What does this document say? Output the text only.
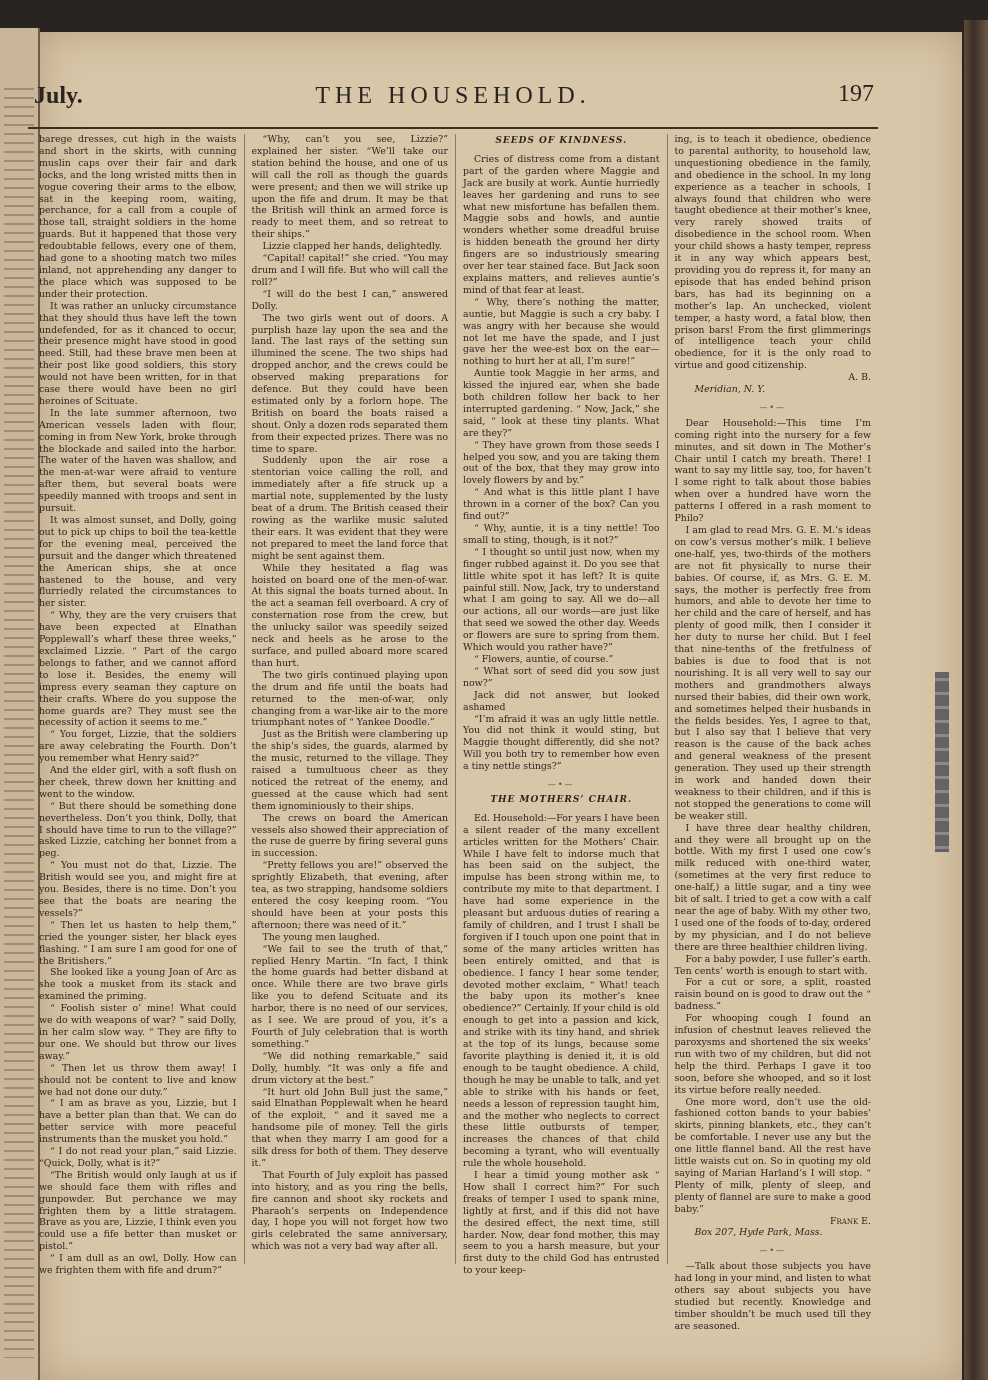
July.	THE HOUSEHOLD.	197

barege dresses, cut high in the waists and short in the skirts, with cunning muslin caps over their fair and dark locks, and the long wristed mitts then in vogue covering their arms to the elbow, sat in the keeping room, waiting, perchance, for a call from a couple of those tall, straight soldiers in the home guards. But it happened that those very redoubtable fellows, every one of them, had gone to a shooting match two miles inland, not apprehending any danger to the place which was supposed to be under their protection.

It was rather an unlucky circumstance that they should thus have left the town undefended, for as it chanced to occur, their presence might have stood in good need. Still, had these brave men been at their post like good soldiers, this story would not have been written, for in that case there would have been no girl heroines of Scituate.

In the late summer afternoon, two American vessels laden with flour, coming in from New York, broke through the blockade and sailed into the harbor. The water of the haven was shallow, and the men-at-war were afraid to venture after them, but several boats were speedily manned with troops and sent in pursuit.

It was almost sunset, and Dolly, going out to pick up chips to boil the tea-kettle for the evening meal, perceived the pursuit and the danger which threatened the American ships, she at once hastened to the house, and very flurriedly related the circumstances to her sister.

“ Why, they are the very cruisers that have been expected at Elnathan Popplewall’s wharf these three weeks,” exclaimed Lizzie. “ Part of the cargo belongs to father, and we cannot afford to lose it. Besides, the enemy will impress every seaman they capture on their crafts. Where do you suppose the home guards are? They must see the necessity of action it seems to me.”

“ You forget, Lizzie, that the soldiers are away celebrating the Fourth. Don’t you remember what Henry said?”

And the elder girl, with a soft flush on her cheek, threw down her knitting and went to the window.

“ But there should be something done nevertheless. Don’t you think, Dolly, that I should have time to run to the village?” asked Lizzie, catching her bonnet from a peg.

“ You must not do that, Lizzie. The British would see you, and might fire at you. Besides, there is no time. Don’t you see that the boats are nearing the vessels?”

“ Then let us hasten to help them,” cried the younger sister, her black eyes flashing. “ I am sure I am good for one of the Britishers.”

She looked like a young Joan of Arc as she took a musket from its stack and examined the priming.

“ Foolish sister o’ mine! What could we do with weapons of war? ” said Dolly, in her calm slow way. “ They are fifty to our one. We should but throw our lives away.”

“ Then let us throw them away! I should not be content to live and know we had not done our duty.”

“ I am as brave as you, Lizzie, but I have a better plan than that. We can do better service with more peaceful instruments than the musket you hold.”

“ I do not read your plan,” said Lizzie. “Quick, Dolly, what is it?”

“The British would only laugh at us if we should face them with rifles and gunpowder. But perchance we may frighten them by a little stratagem. Brave as you are, Lizzie, I think even you could use a fife better than musket or pistol.”

“ I am dull as an owl, Dolly. How can we frighten them with fife and drum?”

“Why, can’t you see, Lizzie?” explained her sister. “We’ll take our station behind the house, and one of us will call the roll as though the guards were present; and then we will strike up upon the fife and drum. It may be that the British will think an armed force is ready to meet them, and so retreat to their ships.”

Lizzie clapped her hands, delightedly.

“Capital! capital!” she cried. “You may drum and I will fife. But who will call the roll?”

“I will do the best I can,” answered Dolly.

The two girls went out of doors. A purplish haze lay upon the sea and the land. The last rays of the setting sun illumined the scene. The two ships had dropped anchor, and the crews could be observed making preparations for defence. But they could have been estimated only by a forlorn hope. The British on board the boats raised a shout. Only a dozen rods separated them from their expected prizes. There was no time to spare.

Suddenly upon the air rose a stentorian voice calling the roll, and immediately after a fife struck up a martial note, supplemented by the lusty beat of a drum. The British ceased their rowing as the warlike music saluted their ears. It was evident that they were not prepared to meet the land force that might be sent against them.

While they hesitated a flag was hoisted on board one of the men-of-war. At this signal the boats turned about. In the act a seaman fell overboard. A cry of consternation rose from the crew, but the unlucky sailor was speedily seized neck and heels as he arose to the surface, and pulled aboard more scared than hurt.

The two girls continued playing upon the drum and fife until the boats had returned to the men-of-war, only changing from a war-like air to the more triumphant notes of “ Yankee Doodle.”

Just as the British were clambering up the ship’s sides, the guards, alarmed by the music, returned to the village. They raised a tumultuous cheer as they noticed the retreat of the enemy, and guessed at the cause which had sent them ignominiously to their ships.

The crews on board the American vessels also showed their appreciation of the ruse de guerre by firing several guns in succession.

“Pretty fellows you are!” observed the sprightly Elizabeth, that evening, after tea, as two strapping, handsome soldiers entered the cosy keeping room. “You should have been at your posts this afternoon; there was need of it.”

The young men laughed.

“We fail to see the truth of that,” replied Henry Martin. “In fact, I think the home guards had better disband at once. While there are two brave girls like you to defend Scituate and its harbor, there is no need of our services, as I see. We are proud of you, it’s a Fourth of July celebration that is worth something.”

“We did nothing remarkable,” said Dolly, humbly. “It was only a fife and drum victory at the best.”

“It hurt old John Bull just the same,” said Elnathan Popplewalt when he heard of the exploit, “ and it saved me a handsome pile of money. Tell the girls that when they marry I am good for a silk dress for both of them. They deserve it.”

That Fourth of July exploit has passed into history, and as you ring the bells, fire cannon and shoot sky rockets and Pharaoh’s serpents on Independence day, I hope you will not forget how two girls celebrated the same anniversary, which was not a very bad way after all.

SEEDS OF KINDNESS.

Cries of distress come from a distant part of the garden where Maggie and Jack are busily at work. Auntie hurriedly leaves her gardening and runs to see what new misfortune has befallen them. Maggie sobs and howls, and auntie wonders whether some dreadful bruise is hidden beneath the ground her dirty fingers are so industriously smearing over her tear stained face. But Jack soon explains matters, and relieves auntie’s mind of that fear at least.

“ Why, there’s nothing the matter, auntie, but Maggie is such a cry baby. I was angry with her because she would not let me have the spade, and I just gave her the wee-est box on the ear—nothing to hurt her at all, I’m sure!”

Auntie took Maggie in her arms, and kissed the injured ear, when she bade both children follow her back to her interrupted gardening. “ Now, Jack,” she said, “ look at these tiny plants. What are they?”

“ They have grown from those seeds I helped you sow, and you are taking them out of the box, that they may grow into lovely flowers by and by.”

“ And what is this little plant I have thrown in a corner of the box? Can you find out?”

“ Why, auntie, it is a tiny nettle! Too small to sting, though, is it not?”

“ I thought so until just now, when my finger rubbed against it. Do you see that little white spot it has left? It is quite painful still. Now, Jack, try to understand what I am going to say. All we do—all our actions, all our words—are just like that seed we sowed the other day. Weeds or flowers are sure to spring from them. Which would you rather have?”

“ Flowers, auntie, of course.”

“ What sort of seed did you sow just now?”

Jack did not answer, but looked ashamed

“I’m afraid it was an ugly little nettle. You did not think it would sting, but Maggie thought differently, did she not? Will you both try to remember how even a tiny nettle stings?”

—•—

THE MOTHERS’ CHAIR.

Ed. Household:—For years I have been a silent reader of the many excellent articles written for the Mothers’ Chair. While I have felt to indorse much that has been said on the subject, the impulse has been strong within me, to contribute my mite to that department. I have had some experience in the pleasant but arduous duties of rearing a family of children, and I trust I shall be forgiven if I touch upon one point that in some of the many articles written has been entirely omitted, and that is obedience. I fancy I hear some tender, devoted mother exclaim, “ What! teach the baby upon its mother’s knee obedience?” Certainly. If your child is old enough to get into a passion and kick, and strike with its tiny hand, and shriek at the top of its lungs, because some favorite plaything is denied it, it is old enough to be taught obedience. A child, though he may be unable to talk, and yet able to strike with his hands or feet, needs a lesson of repression taught him, and the mother who neglects to correct these little outbursts of temper, increases the chances of that child becoming a tyrant, who will eventually rule the whole household.

I hear a timid young mother ask “ How shall I correct him?” For such freaks of temper I used to spank mine, lightly at first, and if this did not have the desired effect, the next time, still harder. Now, dear fond mother, this may seem to you a harsh measure, but your first duty to the child God has entrusted to your keep-

ing, is to teach it obedience, obedience to parental authority, to household law, unquestioning obedience in the family, and obedience in the school. In my long experience as a teacher in schools, I always found that children who were taught obedience at their mother’s knee, very rarely showed traits of disobedience in the school room. When your child shows a hasty temper, repress it in any way which appears best, providing you do repress it, for many an episode that has ended behind prison bars, has had its beginning on a mother’s lap. An unchecked, violent temper, a hasty word, a fatal blow, then prison bars! From the first glimmerings of intelligence teach your child obedience, for it is the only road to virtue and good citizenship.

A. B.

Meridian, N. Y.

—•—

Dear Household:—This time I’m coming right into the nursery for a few minutes, and sit down in The Mother’s Chair until I catch my breath. There! I want to say my little say, too, for haven’t I some right to talk about those babies when over a hundred have worn the patterns I offered in a rash moment to Philo?

I am glad to read Mrs. G. E. M.’s ideas on cow’s versus mother’s milk. I believe one-half, yes, two-thirds of the mothers are not fit physically to nurse their babies. Of course, if, as Mrs. G. E. M. says, the mother is perfectly free from humors, and able to devote her time to her child and the care of herself, and has plenty of good milk, then I consider it her duty to nurse her child. But I feel that nine-tenths of the fretfulness of babies is due to food that is not nourishing. It is all very well to say our mothers and grandmothers always nursed their babies, did their own work, and sometimes helped their husbands in the fields besides. Yes, I agree to that, but I also say that I believe that very reason is the cause of the back aches and general weakness of the present generation. They used up their strength in work and handed down their weakness to their children, and if this is not stopped the generations to come will be weaker still.

I have three dear healthy children, and they were all brought up on the bottle. With my first I used one cow’s milk reduced with one-third water, (sometimes at the very first reduce to one-half,) a little sugar, and a tiny wee bit of salt. I tried to get a cow with a calf near the age of baby. With my other two, I used one of the foods of to-day, ordered by my physician, and I do not believe there are three healthier children living.

For a baby powder, I use fuller’s earth. Ten cents’ worth is enough to start with.

For a cut or sore, a split, roasted raisin bound on is good to draw out the “ badness.”

For whooping cough I found an infusion of chestnut leaves relieved the paroxysms and shortened the six weeks’ run with two of my children, but did not help the third. Perhaps I gave it too soon, before she whooped, and so it lost its virtue before really needed.

One more word, don’t use the old-fashioned cotton bands to your babies’ skirts, pinning blankets, etc., they can’t be comfortable. I never use any but the one little flannel band. All the rest have little waists cut on. So in quoting my old saying of Marian Harland’s I will stop. “ Plenty of milk, plenty of sleep, and plenty of flannel are sure to make a good baby.”

Frank E.

Box 207, Hyde Park, Mass.

—•—

—Talk about those subjects you have had long in your mind, and listen to what others say about subjects you have studied but recently. Knowledge and timber shouldn’t be much used till they are seasoned.
